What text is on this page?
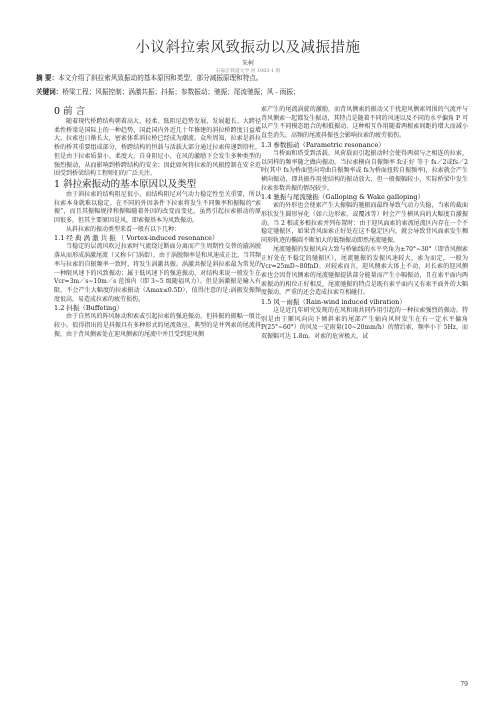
小议斜拉索风致振动以及减振措施
朱柯
石家庄铁道大学 河 1003-1 班
摘 要：本文介绍了斜拉索风致振动的基本原因和类型，部分减振原理和特点。
关键词：桥梁工程；风振控制；涡激共振；抖振；参数振动；驰振；尾流驰振；风 - 雨振；
0 前 言

随着现代桥跨结构朝着高大、轻柔、低阻尼趋势发展，发展超长、大跨径柔性桥梁是国际上的一种趋势，国此国内外近几十年修建的斜拉桥跨度日益增大，拉索也日渐长大，密索体系斜拉桥已经成为潮流。众所周知，拉索是斜拉桥的桥其重要组成部分，桥跨结构的恒载与活载大部分通过拉索传递到塔柱，但是由于拉索质量小、柔度大、自身阻尼小，在风的激励下会发生多种类型的强烈振动，从而影响到桥跨结构的安全；因此如何将拉索的风振控制在安全范围受到桥梁结构工程师们的广泛关注。

1 斜拉索振动的基本原因以及类型

由于斜拉索的结构阻尼很小，而结构阻尼对气动力稳定性至关重要，所以拉索本身就难以稳定。在不同的外因条件下拉索将发生不同频率和振幅的“索振”，而且其振幅规律和振幅随着外因的改变而变化，虽然引起拉索振动的原因很多，但其主要原因是风，即索振基本为风致振动。

从斜拉索的振动类型来看一般有以下几种：

1.1 经 典 涡 激 共 振 （ Vortex-induced resonance）

当稳定的层流风吹过拉索时气流绕过断面分离而产生周期性交替的漩涡脱落从而形成涡激尾流（又称卡门涡街），由于涡脱频率是和风速成正比，当其频率与拉索的自振频率一致时，将发生涡激共振。涡激共振是斜拉索最为常见的一种限风速下的风致振动；属于低风速下的强迫振动，对结构来说一般发生在 Vcr=3m／s~10m／s 范围内（即 3~5 级随福风力）。但是涡激振是输入有限，不会产生大幅度的拉索振动（Amax≤0.5D），值得注意的是:涡振发振频度很高，易造成拉索的疲劳损伤。

1.2 抖振（Buffeting）

由于自然风的阵风脉动和索或引起拉索的强迫振动，但抖振的振幅一般比较小。值得指出的是抖振具有多种形式的尾流效应，典型的是并列索的尾流抖振，由于背风侧索处在迎风侧索的尾流中并且受到迎风侧

索产生的尾流涡旋的激励，而背风侧索的振动又干扰迎风侧索周围的气流并与背风侧索一起都发生振动，其特点是随着不同的风速以及不同的水平偏角 P 可以产生不同模态组合的相抵振动。这种相互作用随着两根索间距的增大而减小直至消失。高频的尾流抖振也会影响拉索的疲劳损伤。

1.3 参数振动（Parametric resonance）

当桥面和塔受到活载、风荷载而引起振动时会使得两端与之相连的拉索，以同样的频率随之做向振动，当拉索横向自振频率 fc正好 等于 fs／2或fs／2时(其中 fs为桥面竖向弯曲自振频率或 fs为桥面扭转自振频率)，拉索就会产生横向振动，即共振作用使结构的振动放大，但一般振幅较小，实际桥梁中发生拉索参数共振的情况较少。

1.4 驰振与尾流驰振（Galloping & Wake galloping）

索的外形也会使索产生大振幅的驰振而最终导致气动力失稳，当索的截面形状发生圆形异化（如六边形索，或覆冰等）时会产生横风向的大幅度自激振动。当 2 根或多根拉索并列布置时：由于迎风面索的索流尾流区内存在一个不稳定驰振区，如果背风面索正好处在这不稳定区内，就会导致背风面索发生稠同形轨迹的椭圆不断加大的低频振动即然尾流驰振。

尾流驰振的发振风向大致与桥轴线的水平夹角为±70°~30°（即背风侧索正好处在不稳定的驰振区），尾流驰振的发振风速较大，索为而定，一般为 Vcr=25mD~80fnD。对较索而言，迎风侧索大体上不动，对长索的迎风侧索也会因背风侧索的尾流驰振提供部分能量而产生小幅振动，且在索平面内两索振动的相位正好相反，尾流驰振的特点是既有索平面内又有索平面外的大幅度振动，严重的还会造成拉索互相碰打。

1.5 风－雨振（Rain-wind induced vibration）

这是近几年研究发现的在风和雨共同作用引起的一种拉索强烈的振动。特别是由于顺风向向下倾斜索的尾部产生轴向风时发生在有一定水平偏角 P(25°~60°）的风及一定雨量(10~20mm/h）的情后索，频率小于 5Hz，而双振幅可达 1.8m。对索的危害极大，试

79
